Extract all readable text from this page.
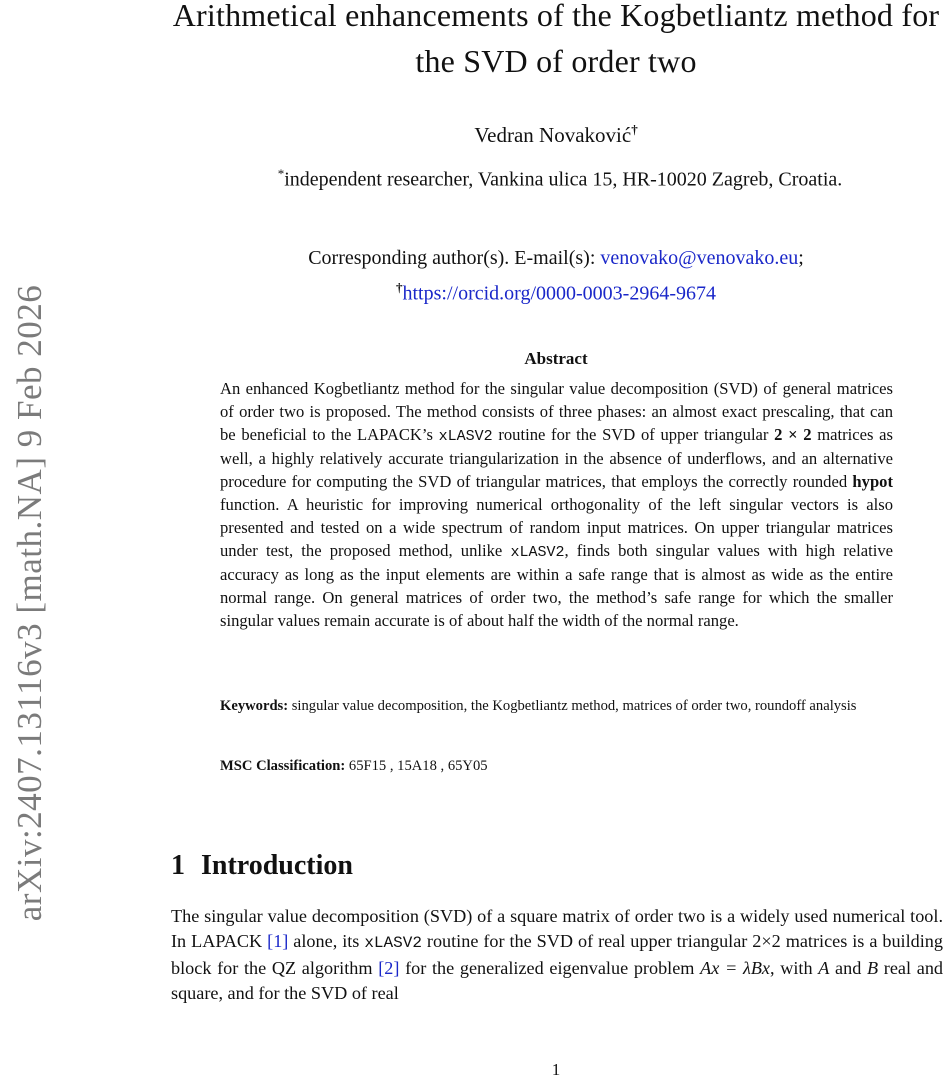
arXiv:2407.13116v3 [math.NA] 9 Feb 2026
Arithmetical enhancements of the Kogbetliantz method for the SVD of order two
Vedran Novaković†
*independent researcher, Vankina ulica 15, HR-10020 Zagreb, Croatia.
Corresponding author(s). E-mail(s): venovako@venovako.eu;
†https://orcid.org/0000-0003-2964-9674
Abstract
An enhanced Kogbetliantz method for the singular value decomposition (SVD) of general matrices of order two is proposed. The method consists of three phases: an almost exact prescaling, that can be beneficial to the LAPACK’s xLASV2 routine for the SVD of upper triangular 2 × 2 matrices as well, a highly relatively accurate triangularization in the absence of underflows, and an alternative procedure for computing the SVD of triangular matrices, that employs the correctly rounded hypot function. A heuristic for improving numerical orthogonality of the left singular vectors is also presented and tested on a wide spectrum of random input matrices. On upper triangular matrices under test, the proposed method, unlike xLASV2, finds both singular values with high relative accuracy as long as the input elements are within a safe range that is almost as wide as the entire normal range. On general matrices of order two, the method’s safe range for which the smaller singular values remain accurate is of about half the width of the normal range.
Keywords: singular value decomposition, the Kogbetliantz method, matrices of order two, roundoff analysis
MSC Classification: 65F15 , 15A18 , 65Y05
1 Introduction
The singular value decomposition (SVD) of a square matrix of order two is a widely used numerical tool. In LAPACK [1] alone, its xLASV2 routine for the SVD of real upper triangular 2×2 matrices is a building block for the QZ algorithm [2] for the generalized eigenvalue problem Ax = λBx, with A and B real and square, and for the SVD of real
1
